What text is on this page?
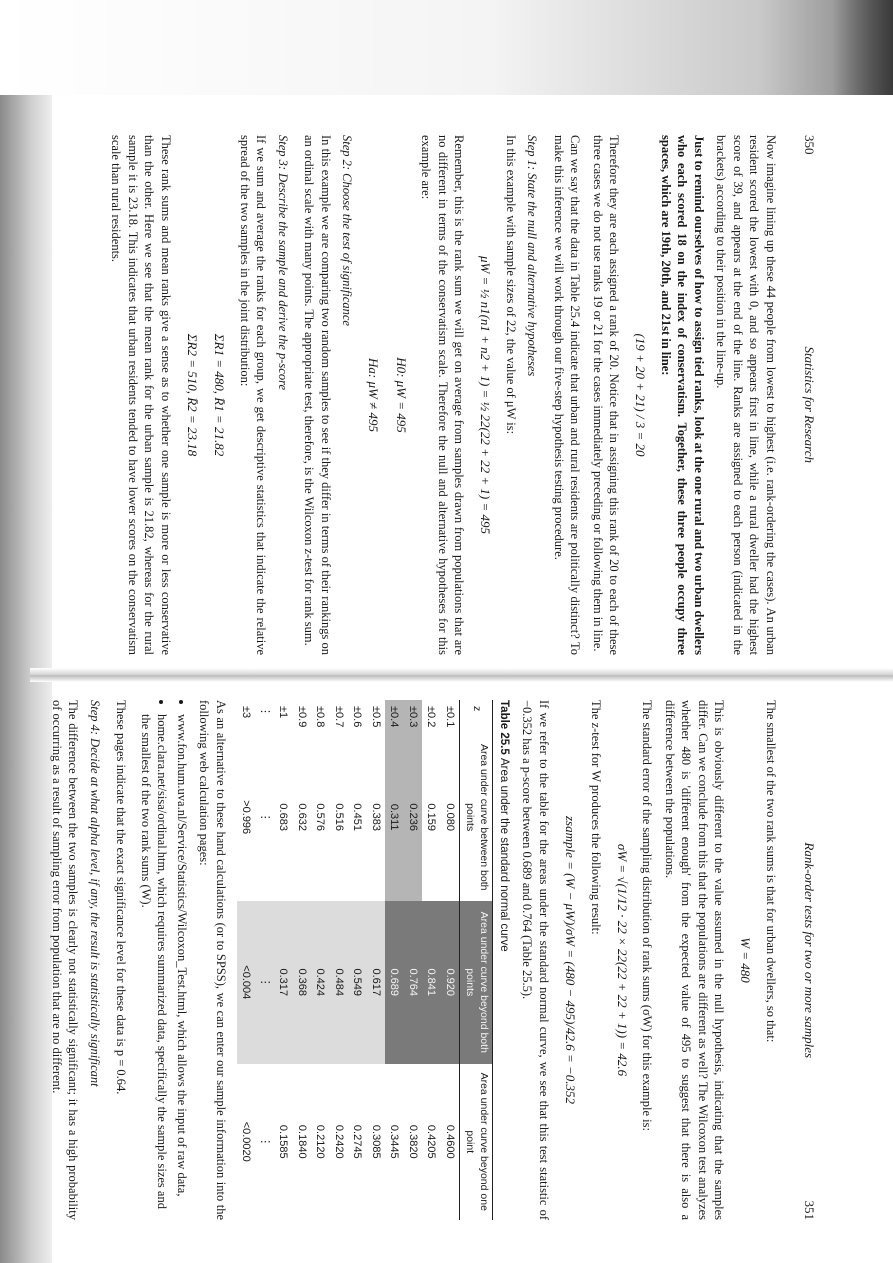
350
Statistics for Research

Now imagine lining up these 44 people from lowest to highest (i.e. rank-ordering the cases). An urban resident scored the lowest with 0, and so appears first in line, while a rural dweller had the highest score of 39, and appears at the end of the line. Ranks are assigned to each person (indicated in the brackets) according to their position in the line-up.

Just to remind ourselves of how to assign tied ranks, look at the one rural and two urban dwellers who each scored 18 on the index of conservatism. Together, these three people occupy three spaces, which are 19th, 20th, and 21st in line:

(19 + 20 + 21) / 3 = 20

Therefore they are each assigned a rank of 20. Notice that in assigning this rank of 20 to each of these three cases we do not use ranks 19 or 21 for the cases immediately preceding or following them in line.

Can we say that the data in Table 25.4 indicate that urban and rural residents are politically distinct? To make this inference we will work through our five-step hypothesis testing procedure.

Step 1: State the null and alternative hypotheses

In this example with sample sizes of 22, the value of μW is:

μW = ½ n1(n1 + n2 + 1) = ½ 22(22 + 22 + 1) = 495

Remember, this is the rank sum we will get on average from samples drawn from populations that are no different in terms of the conservatism scale. Therefore the null and alternative hypotheses for this example are:

H0: μW = 495
Ha: μW ≠ 495
Step 2: Choose the test of significance

In this example we are comparing two random samples to see if they differ in terms of their rankings on an ordinal scale with many points. The appropriate test, therefore, is the Wilcoxon z-test for rank sum.

Step 3: Describe the sample and derive the p-score

If we sum and average the ranks for each group, we get descriptive statistics that indicate the relative spread of the two samples in the joint distribution:

ΣR1 = 480, R̄1 = 21.82
ΣR2 = 510, R̄2 = 23.18

These rank sums and mean ranks give a sense as to whether one sample is more or less conservative than the other. Here we see that the mean rank for the urban sample is 21.82, whereas for the rural sample it is 23.18. This indicates that urban residents tended to have lower scores on the conservatism scale than rural residents.

Rank-order tests for two or more samples
351

The smallest of the two rank sums is that for urban dwellers, so that:

W = 480

This is obviously different to the value assumed in the null hypothesis, indicating that the samples differ. Can we conclude from this that the populations are different as well? The Wilcoxon test analyzes whether 480 is 'different enough' from the expected value of 495 to suggest that there is also a difference between the populations.

The standard error of the sampling distribution of rank sums (σW) for this example is:

σW = √(1/12 · 22 × 22(22 + 22 + 1)) = 42.6

The z-test for W produces the following result:

zsample = (W − μW)/σW = (480 − 495)/42.6 = −0.352

If we refer to the table for the areas under the standard normal curve, we see that this test statistic of −0.352 has a p-score between 0.689 and 0.764 (Table 25.5).

Table 25.5 Area under the standard normal curve
z	Area under curve between both points	Area under curve beyond both points	Area under curve beyond one point
±0.1	0.080	0.920	0.4600
±0.2	0.159	0.841	0.4205
±0.3	0.236	0.764	0.3820
±0.4	0.311	0.689	0.3445
±0.5	0.383	0.617	0.3085
±0.6	0.451	0.549	0.2745
±0.7	0.516	0.484	0.2420
±0.8	0.576	0.424	0.2120
±0.9	0.632	0.368	0.1840
±1	0.683	0.317	0.1585
⋮	⋮	⋮	⋮
±3	>0.996	<0.004	<0.0020

As an alternative to these hand calculations (or to SPSS), we can enter our sample information into the following web calculation pages:

• www.fon.hum.uva.nl/Service/Statistics/Wilcoxon_Test.html, which allows the input of raw data,
• home.clara.net/sisa/ordinal.htm, which requires summarized data, specifically the sample sizes and the smallest of the two rank sums (W).

These pages indicate that the exact significance level for these data is p = 0.64.

Step 4: Decide at what alpha level, if any, the result is statistically significant

The difference between the two samples is clearly not statistically significant; it has a high probability of occurring as a result of sampling error from population that are no different.
